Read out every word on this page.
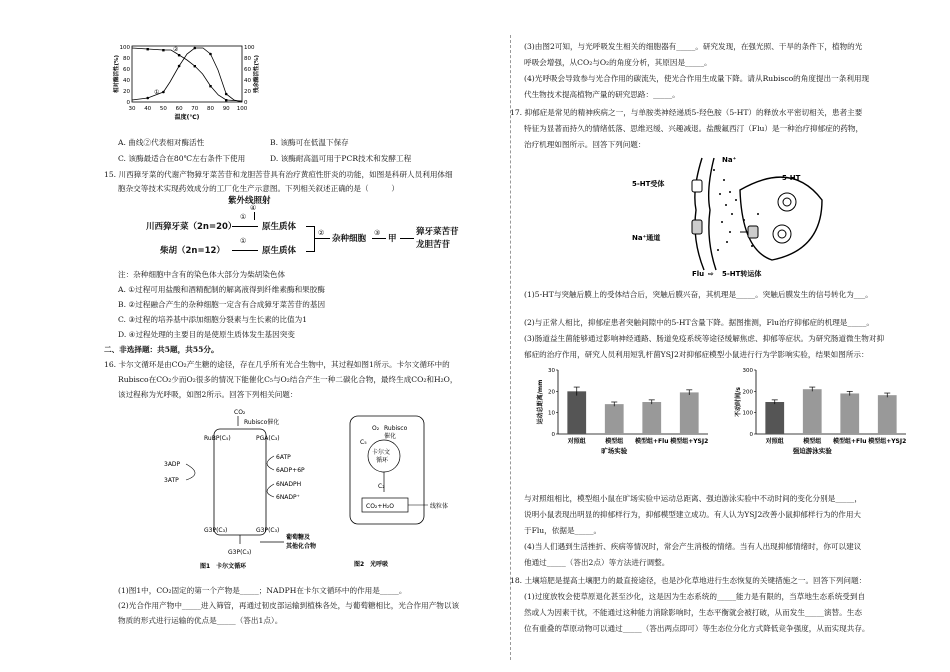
0
20
40
60
80
100
0
20
40
60
80
100
30 40 50 60 70 80 90 100
温度(℃)
相对酶活性(%)	残余酶活性(%)
①
②
A. 曲线②代表相对酶活性	B. 该酶可在低温下保存
C. 该酶最适合在80℃左右条件下使用	D. 该酶耐高温可用于PCR技术和发酵工程
15. 川西獐牙菜的代谢产物獐牙菜苦苷和龙胆苦苷具有治疗黄疸性肝炎的功能，如图是科研人员利用体细
胞杂交等技术实现药效成分的工厂化生产示意图。下列相关叙述正确的是（　　　）
紫外线照射
④
川西獐牙菜（2n=20）
①
原生质体
柴胡（2n=12）
①
原生质体
②
杂种细胞
③
甲
獐牙菜苦苷
龙胆苦苷
注：杂种细胞中含有的染色体大部分为柴胡染色体
A. ①过程可用盐酸和酒精配制的解离液得到纤维素酶和果胶酶
B. ②过程融合产生的杂种细胞一定含有合成獐牙菜苦苷的基因
C. ③过程的培养基中添加细胞分裂素与生长素的比值为1
D. ④过程处理的主要目的是使原生质体发生基因突变
二、非选择题：共5题，共55分。
16. 卡尔文循环是由CO₂产生糖的途径，存在几乎所有光合生物中，其过程如图1所示。卡尔文循环中的
Rubisco在CO₂少而O₂很多的情况下能催化C₅与O₂结合产生一种二碳化合物，最终生成CO₂和H₂O，
该过程称为光呼吸，如图2所示。回答下列相关问题：
CO₂
Rubisco催化
RuBP(C₅)	PGA(C₃)
3ADP
3ATP
6ATP
6ADP+6P
6NADPH
6NADP⁺
G3P(C₃)	G3P(C₃)
G3P(C₃)
葡萄糖及
其他化合物
图1　卡尔文循环
O₂ Rubisco
催化
卡尔文
循环
C₅
C₂
CO₂+H₂O	线粒体
图2　光呼吸
(1)图1中，CO₂固定的第一个产物是_____；NADPH在卡尔文循环中的作用是_____。
(2)光合作用产物中_____进入筛管，再通过韧皮部运输到植株各处，与葡萄糖相比，光合作用产物以该
物质的形式进行运输的优点是_____（答出1点）。
(3)由图2可知，与光呼吸发生相关的细胞器有_____。研究发现，在强光照、干旱的条件下，植物的光
呼吸会增强，从CO₂与O₂的角度分析，其原因是_____。
(4)光呼吸会导致参与光合作用的碳流失，使光合作用生成量下降。请从Rubisco的角度提出一条利用现
代生物技术提高植物产量的研究思路：_____。
17. 抑郁症是常见的精神疾病之一，与单胺类神经递质5-羟色胺（5-HT）的释放水平密切相关，患者主要
特征为显著而持久的情绪低落、思维迟缓、兴趣减退。盐酸氟西汀（Flu）是一种治疗抑郁症的药物，
治疗机理如图所示。回答下列问题：
5-HT受体
Na⁺
5-HT
Na⁺通道
Flu ⇨ 5-HT转运体
(1)5-HT与突触后膜上的受体结合后，突触后膜兴奋，其机理是_____。突触后膜发生的信号转化为___。
(2)与正常人相比，抑郁症患者突触间隙中的5-HT含量下降。据图推测，Flu治疗抑郁症的机理是_____。
(3)肠道益生菌能够通过影响神经通路、肠道免疫系统等途径缓解焦虑、抑郁等症状。为研究肠道微生物对抑
郁症的治疗作用，研究人员利用短乳杆菌YSJ2对抑郁症模型小鼠进行行为学影响实验，结果如图所示：
0
10
20
30
运动总距离/mm
对照组	模型组 模型组+Flu 模型组+YSJ2
旷场实验
0
100
200
300
不动时间/s
对照组	模型组 模型组+Flu 模型组+YSJ2
强迫游泳实验
与对照组相比，模型组小鼠在旷场实验中运动总距离、强迫游泳实验中不动时间的变化分别是_____，
说明小鼠表现出明显的抑郁样行为，抑郁模型建立成功。有人认为YSJ2改善小鼠抑郁样行为的作用大
于Flu，依据是_____。
(4)当人们遇到生活挫折、疾病等情况时，常会产生消极的情绪。当有人出现抑郁情绪时，你可以建议
他通过_____（答出2点）等方法进行调整。
18. 土壤培肥是提高土壤肥力的最直接途径，也是沙化草地进行生态恢复的关键措施之一。回答下列问题：
(1)过度放牧会使草原退化甚至沙化，这是因为生态系统的_____能力是有限的，当草地生态系统受到自
然或人为因素干扰，不能通过这种能力消除影响时，生态平衡就会被打破，从而发生_____演替。生态
位有重叠的草原动物可以通过_____（答出两点即可）等生态位分化方式降低竞争强度，从而实现共存。
